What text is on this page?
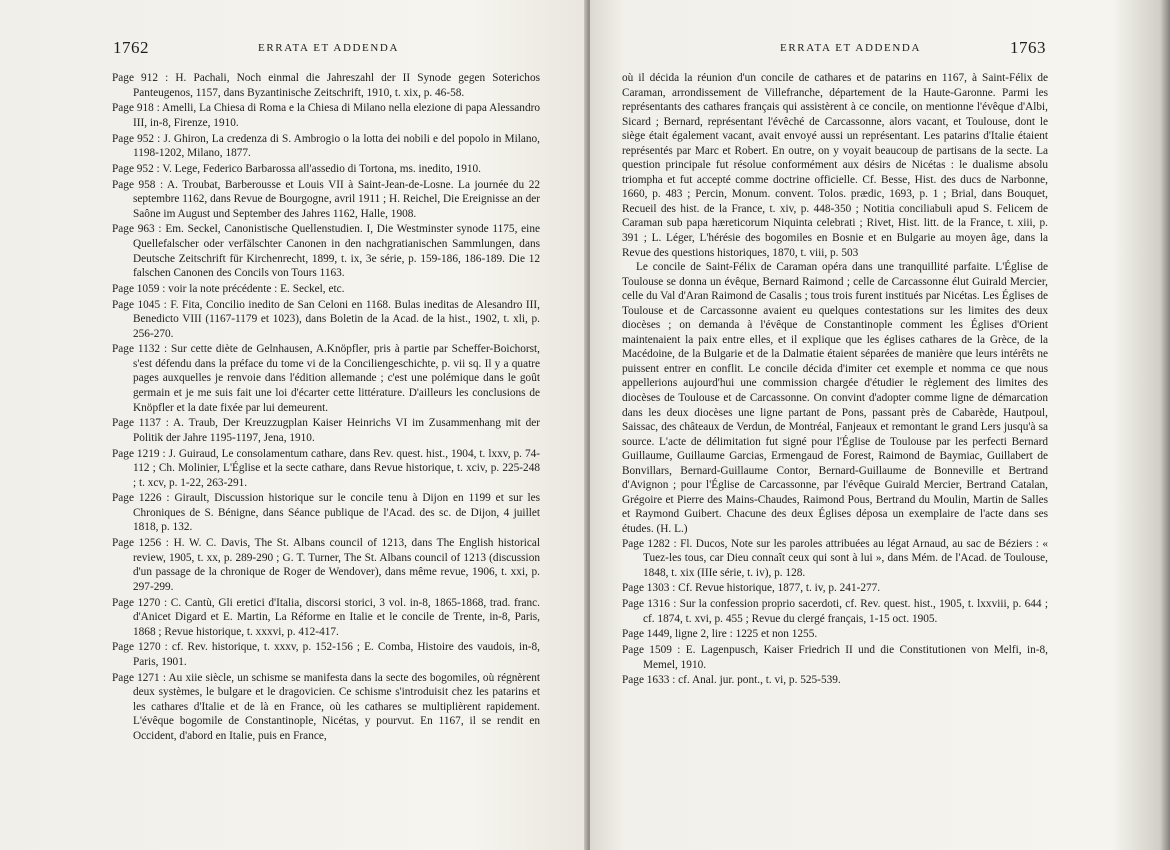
1762	ERRATA ET ADDENDA

Page 912 : H. Pachali, Noch einmal die Jahreszahl der II Synode gegen Soterichos Panteugenos, 1157, dans Byzantinische Zeitschrift, 1910, t. xix, p. 46-58.

Page 918 : Amelli, La Chiesa di Roma e la Chiesa di Milano nella elezione di papa Alessandro III, in-8, Firenze, 1910.

Page 952 : J. Ghiron, La credenza di S. Ambrogio o la lotta dei nobili e del popolo in Milano, 1198-1202, Milano, 1877.

Page 952 : V. Lege, Federico Barbarossa all'assedio di Tortona, ms. inedito, 1910.

Page 958 : A. Troubat, Barberousse et Louis VII à Saint-Jean-de-Losne. La journée du 22 septembre 1162, dans Revue de Bourgogne, avril 1911 ; H. Reichel, Die Ereignisse an der Saône im August und September des Jahres 1162, Halle, 1908.

Page 963 : Em. Seckel, Canonistische Quellenstudien. I, Die Westminster synode 1175, eine Quellefalscher oder verfälschter Canonen in den nachgratianischen Sammlungen, dans Deutsche Zeitschrift für Kirchenrecht, 1899, t. ix, 3e série, p. 159-186, 186-189. Die 12 falschen Canonen des Concils von Tours 1163.

Page 1059 : voir la note précédente : E. Seckel, etc.

Page 1045 : F. Fita, Concilio inedito de San Celoni en 1168. Bulas ineditas de Alesandro III, Benedicto VIII (1167-1179 et 1023), dans Boletin de la Acad. de la hist., 1902, t. xli, p. 256-270.

Page 1132 : Sur cette diète de Gelnhausen, A.Knöpfler, pris à partie par Scheffer-Boichorst, s'est défendu dans la préface du tome vi de la Conciliengeschichte, p. vii sq. Il y a quatre pages auxquelles je renvoie dans l'édition allemande ; c'est une polémique dans le goût germain et je me suis fait une loi d'écarter cette littérature. D'ailleurs les conclusions de Knöpfler et la date fixée par lui demeurent.

Page 1137 : A. Traub, Der Kreuzzugplan Kaiser Heinrichs VI im Zusammenhang mit der Politik der Jahre 1195-1197, Jena, 1910.

Page 1219 : J. Guiraud, Le consolamentum cathare, dans Rev. quest. hist., 1904, t. lxxv, p. 74-112 ; Ch. Molinier, L'Église et la secte cathare, dans Revue historique, t. xciv, p. 225-248 ; t. xcv, p. 1-22, 263-291.

Page 1226 : Girault, Discussion historique sur le concile tenu à Dijon en 1199 et sur les Chroniques de S. Bénigne, dans Séance publique de l'Acad. des sc. de Dijon, 4 juillet 1818, p. 132.

Page 1256 : H. W. C. Davis, The St. Albans council of 1213, dans The English historical review, 1905, t. xx, p. 289-290 ; G. T. Turner, The St. Albans council of 1213 (discussion d'un passage de la chronique de Roger de Wendover), dans même revue, 1906, t. xxi, p. 297-299.

Page 1270 : C. Cantù, Gli eretici d'Italia, discorsi storici, 3 vol. in-8, 1865-1868, trad. franc. d'Anicet Digard et E. Martin, La Réforme en Italie et le concile de Trente, in-8, Paris, 1868 ; Revue historique, t. xxxvi, p. 412-417.

Page 1270 : cf. Rev. historique, t. xxxv, p. 152-156 ; E. Comba, Histoire des vaudois, in-8, Paris, 1901.

Page 1271 : Au xiie siècle, un schisme se manifesta dans la secte des bogomiles, où régnèrent deux systèmes, le bulgare et le dragovicien. Ce schisme s'introduisit chez les patarins et les cathares d'Italie et de là en France, où les cathares se multiplièrent rapidement. L'évêque bogomile de Constantinople, Nicétas, y pourvut. En 1167, il se rendit en Occident, d'abord en Italie, puis en France,

ERRATA ET ADDENDA	1763

où il décida la réunion d'un concile de cathares et de patarins en 1167, à Saint-Félix de Caraman, arrondissement de Villefranche, département de la Haute-Garonne. Parmi les représentants des cathares français qui assistèrent à ce concile, on mentionne l'évêque d'Albi, Sicard ; Bernard, représentant l'évêché de Carcassonne, alors vacant, et Toulouse, dont le siège était également vacant, avait envoyé aussi un représentant. Les patarins d'Italie étaient représentés par Marc et Robert. En outre, on y voyait beaucoup de partisans de la secte. La question principale fut résolue conformément aux désirs de Nicétas : le dualisme absolu triompha et fut accepté comme doctrine officielle. Cf. Besse, Hist. des ducs de Narbonne, 1660, p. 483 ; Percin, Monum. convent. Tolos. prædic, 1693, p. 1 ; Brial, dans Bouquet, Recueil des hist. de la France, t. xiv, p. 448-350 ; Notitia conciliabuli apud S. Felicem de Caraman sub papa hæreticorum Niquinta celebrati ; Rivet, Hist. litt. de la France, t. xiii, p. 391 ; L. Léger, L'hérésie des bogomiles en Bosnie et en Bulgarie au moyen âge, dans la Revue des questions historiques, 1870, t. viii, p. 503

Le concile de Saint-Félix de Caraman opéra dans une tranquillité parfaite. L'Église de Toulouse se donna un évêque, Bernard Raimond ; celle de Carcassonne élut Guirald Mercier, celle du Val d'Aran Raimond de Casalis ; tous trois furent institués par Nicétas. Les Églises de Toulouse et de Carcassonne avaient eu quelques contestations sur les limites des deux diocèses ; on demanda à l'évêque de Constantinople comment les Églises d'Orient maintenaient la paix entre elles, et il explique que les églises cathares de la Grèce, de la Macédoine, de la Bulgarie et de la Dalmatie étaient séparées de manière que leurs intérêts ne puissent entrer en conflit. Le concile décida d'imiter cet exemple et nomma ce que nous appellerions aujourd'hui une commission chargée d'étudier le règlement des limites des diocèses de Toulouse et de Carcassonne. On convint d'adopter comme ligne de démarcation dans les deux diocèses une ligne partant de Pons, passant près de Cabarède, Hautpoul, Saissac, des châteaux de Verdun, de Montréal, Fanjeaux et remontant le grand Lers jusqu'à sa source. L'acte de délimitation fut signé pour l'Église de Toulouse par les perfecti Bernard Guillaume, Guillaume Garcias, Ermengaud de Forest, Raimond de Baymiac, Guillabert de Bonvillars, Bernard-Guillaume Contor, Bernard-Guillaume de Bonneville et Bertrand d'Avignon ; pour l'Église de Carcassonne, par l'évêque Guirald Mercier, Bertrand Catalan, Grégoire et Pierre des Mains-Chaudes, Raimond Pous, Bertrand du Moulin, Martin de Salles et Raymond Guibert. Chacune des deux Églises déposa un exemplaire de l'acte dans ses études. (H. L.)

Page 1282 : Fl. Ducos, Note sur les paroles attribuées au légat Arnaud, au sac de Béziers : « Tuez-les tous, car Dieu connaît ceux qui sont à lui », dans Mém. de l'Acad. de Toulouse, 1848, t. xix (IIIe série, t. iv), p. 128.

Page 1303 : Cf. Revue historique, 1877, t. iv, p. 241-277.

Page 1316 : Sur la confession proprio sacerdoti, cf. Rev. quest. hist., 1905, t. lxxviii, p. 644 ; cf. 1874, t. xvi, p. 455 ; Revue du clergé français, 1-15 oct. 1905.

Page 1449, ligne 2, lire : 1225 et non 1255.

Page 1509 : E. Lagenpusch, Kaiser Friedrich II und die Constitutionen von Melfi, in-8, Memel, 1910.

Page 1633 : cf. Anal. jur. pont., t. vi, p. 525-539.
